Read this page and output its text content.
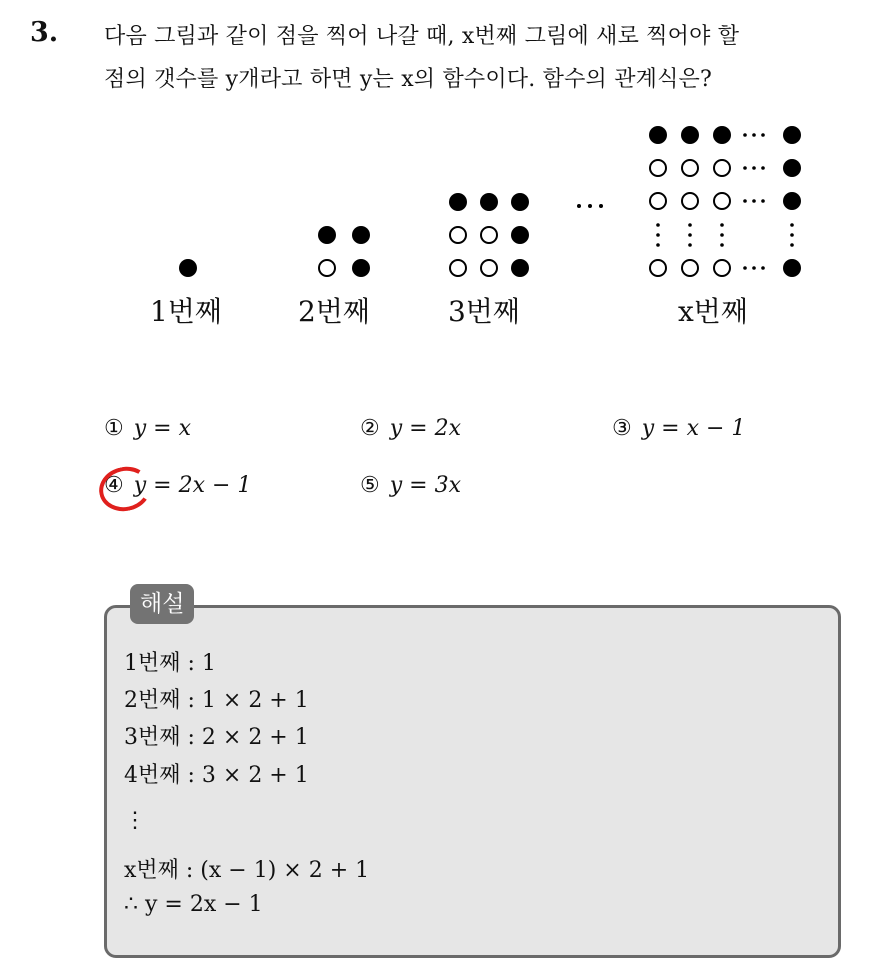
3. 다음 그림과 같이 점을 찍어 나갈 때, x번째 그림에 새로 찍어야 할
점의 갯수를 y개라고 하면 y는 x의 함수이다. 함수의 관계식은?
1번째	2번째	3번째	x번째
① y = x	② y = 2x	③ y = x − 1
④ y = 2x − 1	⑤ y = 3x
해설
1번째 : 1
2번째 : 1 × 2 + 1
3번째 : 2 × 2 + 1
4번째 : 3 × 2 + 1
⋮
x번째 : (x − 1) × 2 + 1
∴ y = 2x − 1
